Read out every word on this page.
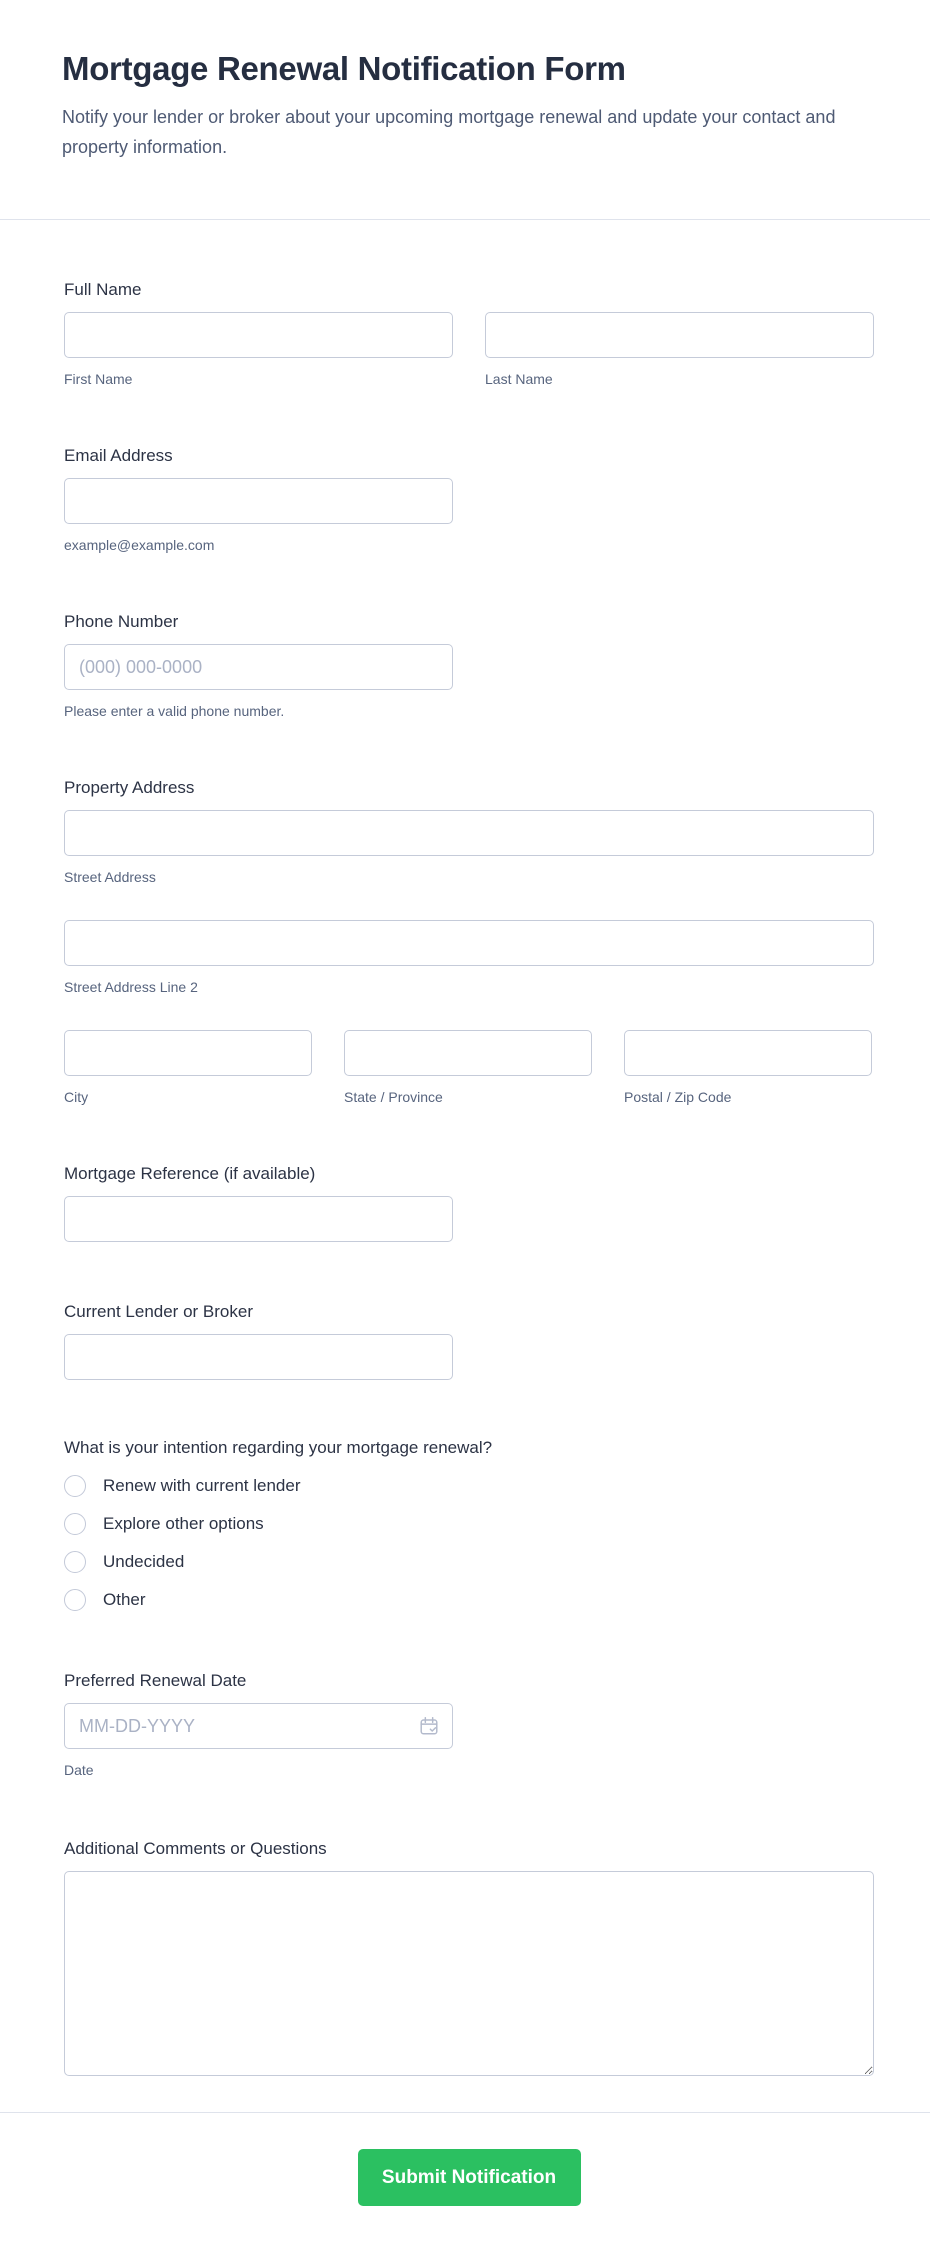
Mortgage Renewal Notification Form
Notify your lender or broker about your upcoming mortgage renewal and update your contact and property information.
Full Name
First Name	Last Name
Email Address
example@example.com
Phone Number
(000) 000-0000
Please enter a valid phone number.
Property Address
Street Address
Street Address Line 2
City	State / Province	Postal / Zip Code
Mortgage Reference (if available)
Current Lender or Broker
What is your intention regarding your mortgage renewal?
Renew with current lender
Explore other options
Undecided
Other
Preferred Renewal Date
MM-DD-YYYY
Date
Additional Comments or Questions
Submit Notification
